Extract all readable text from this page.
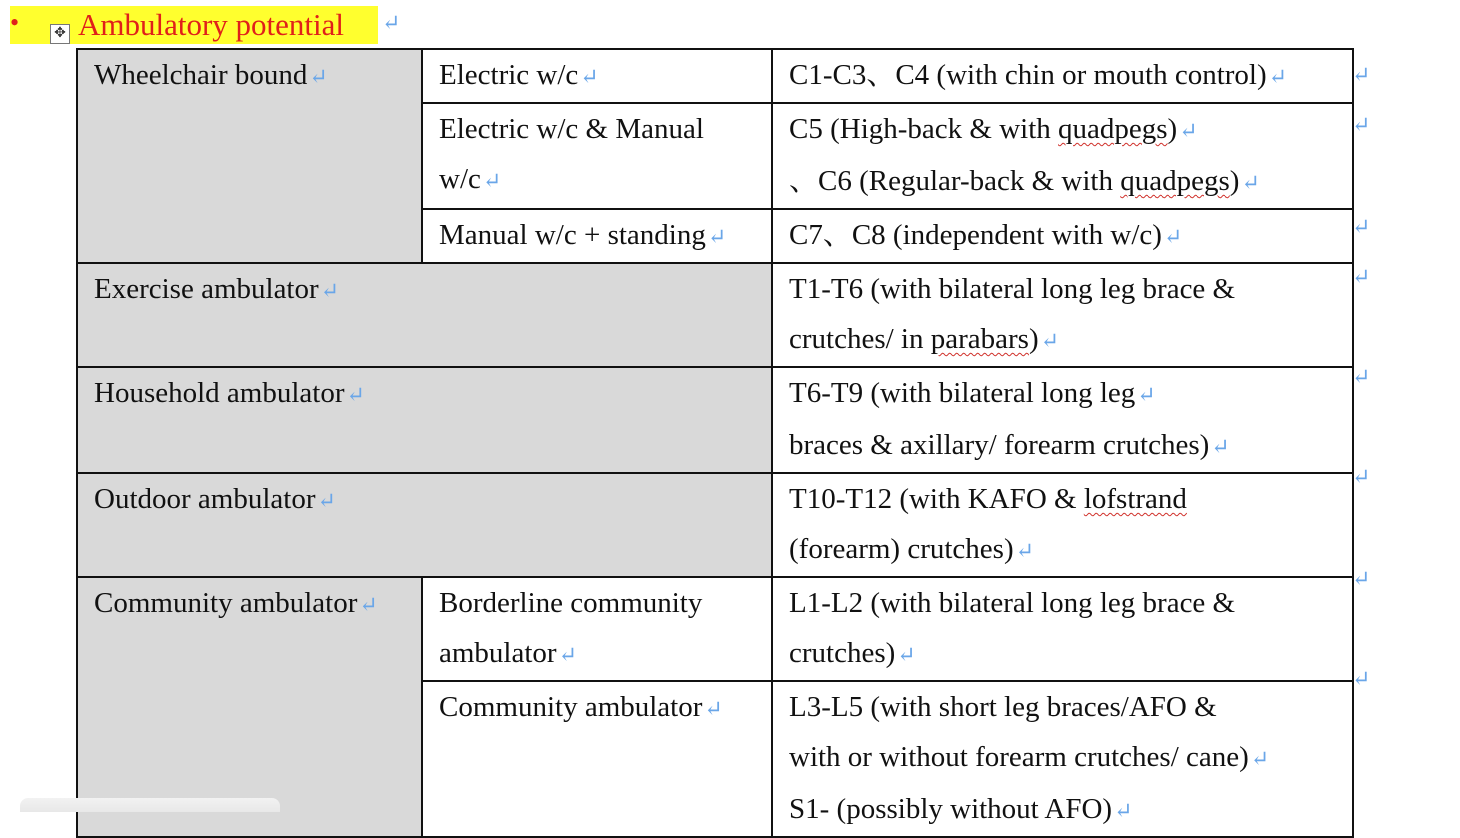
•	✥ Ambulatory potential ↵
Wheelchair bound↵	Electric w/c↵	C1-C3、C4 (with chin or mouth control)↵
	Electric w/c & Manual
w/c↵	C5 (High-back & with quadpegs)↵
、C6 (Regular-back & with quadpegs)↵
	Manual w/c + standing↵	C7、C8 (independent with w/c)↵
Exercise ambulator↵		T1-T6 (with bilateral long leg brace &
crutches/ in parabars)↵
Household ambulator↵		T6-T9 (with bilateral long leg↵
braces & axillary/ forearm crutches)↵
Outdoor ambulator↵		T10-T12 (with KAFO & lofstrand
(forearm) crutches)↵
Community ambulator↵	Borderline community
ambulator↵	L1-L2 (with bilateral long leg brace &
crutches)↵
	Community ambulator↵	L3-L5 (with short leg braces/AFO &
with or without forearm crutches/ cane)↵
S1- (possibly without AFO)↵
↵
↵
↵
↵
↵
↵
↵
↵
